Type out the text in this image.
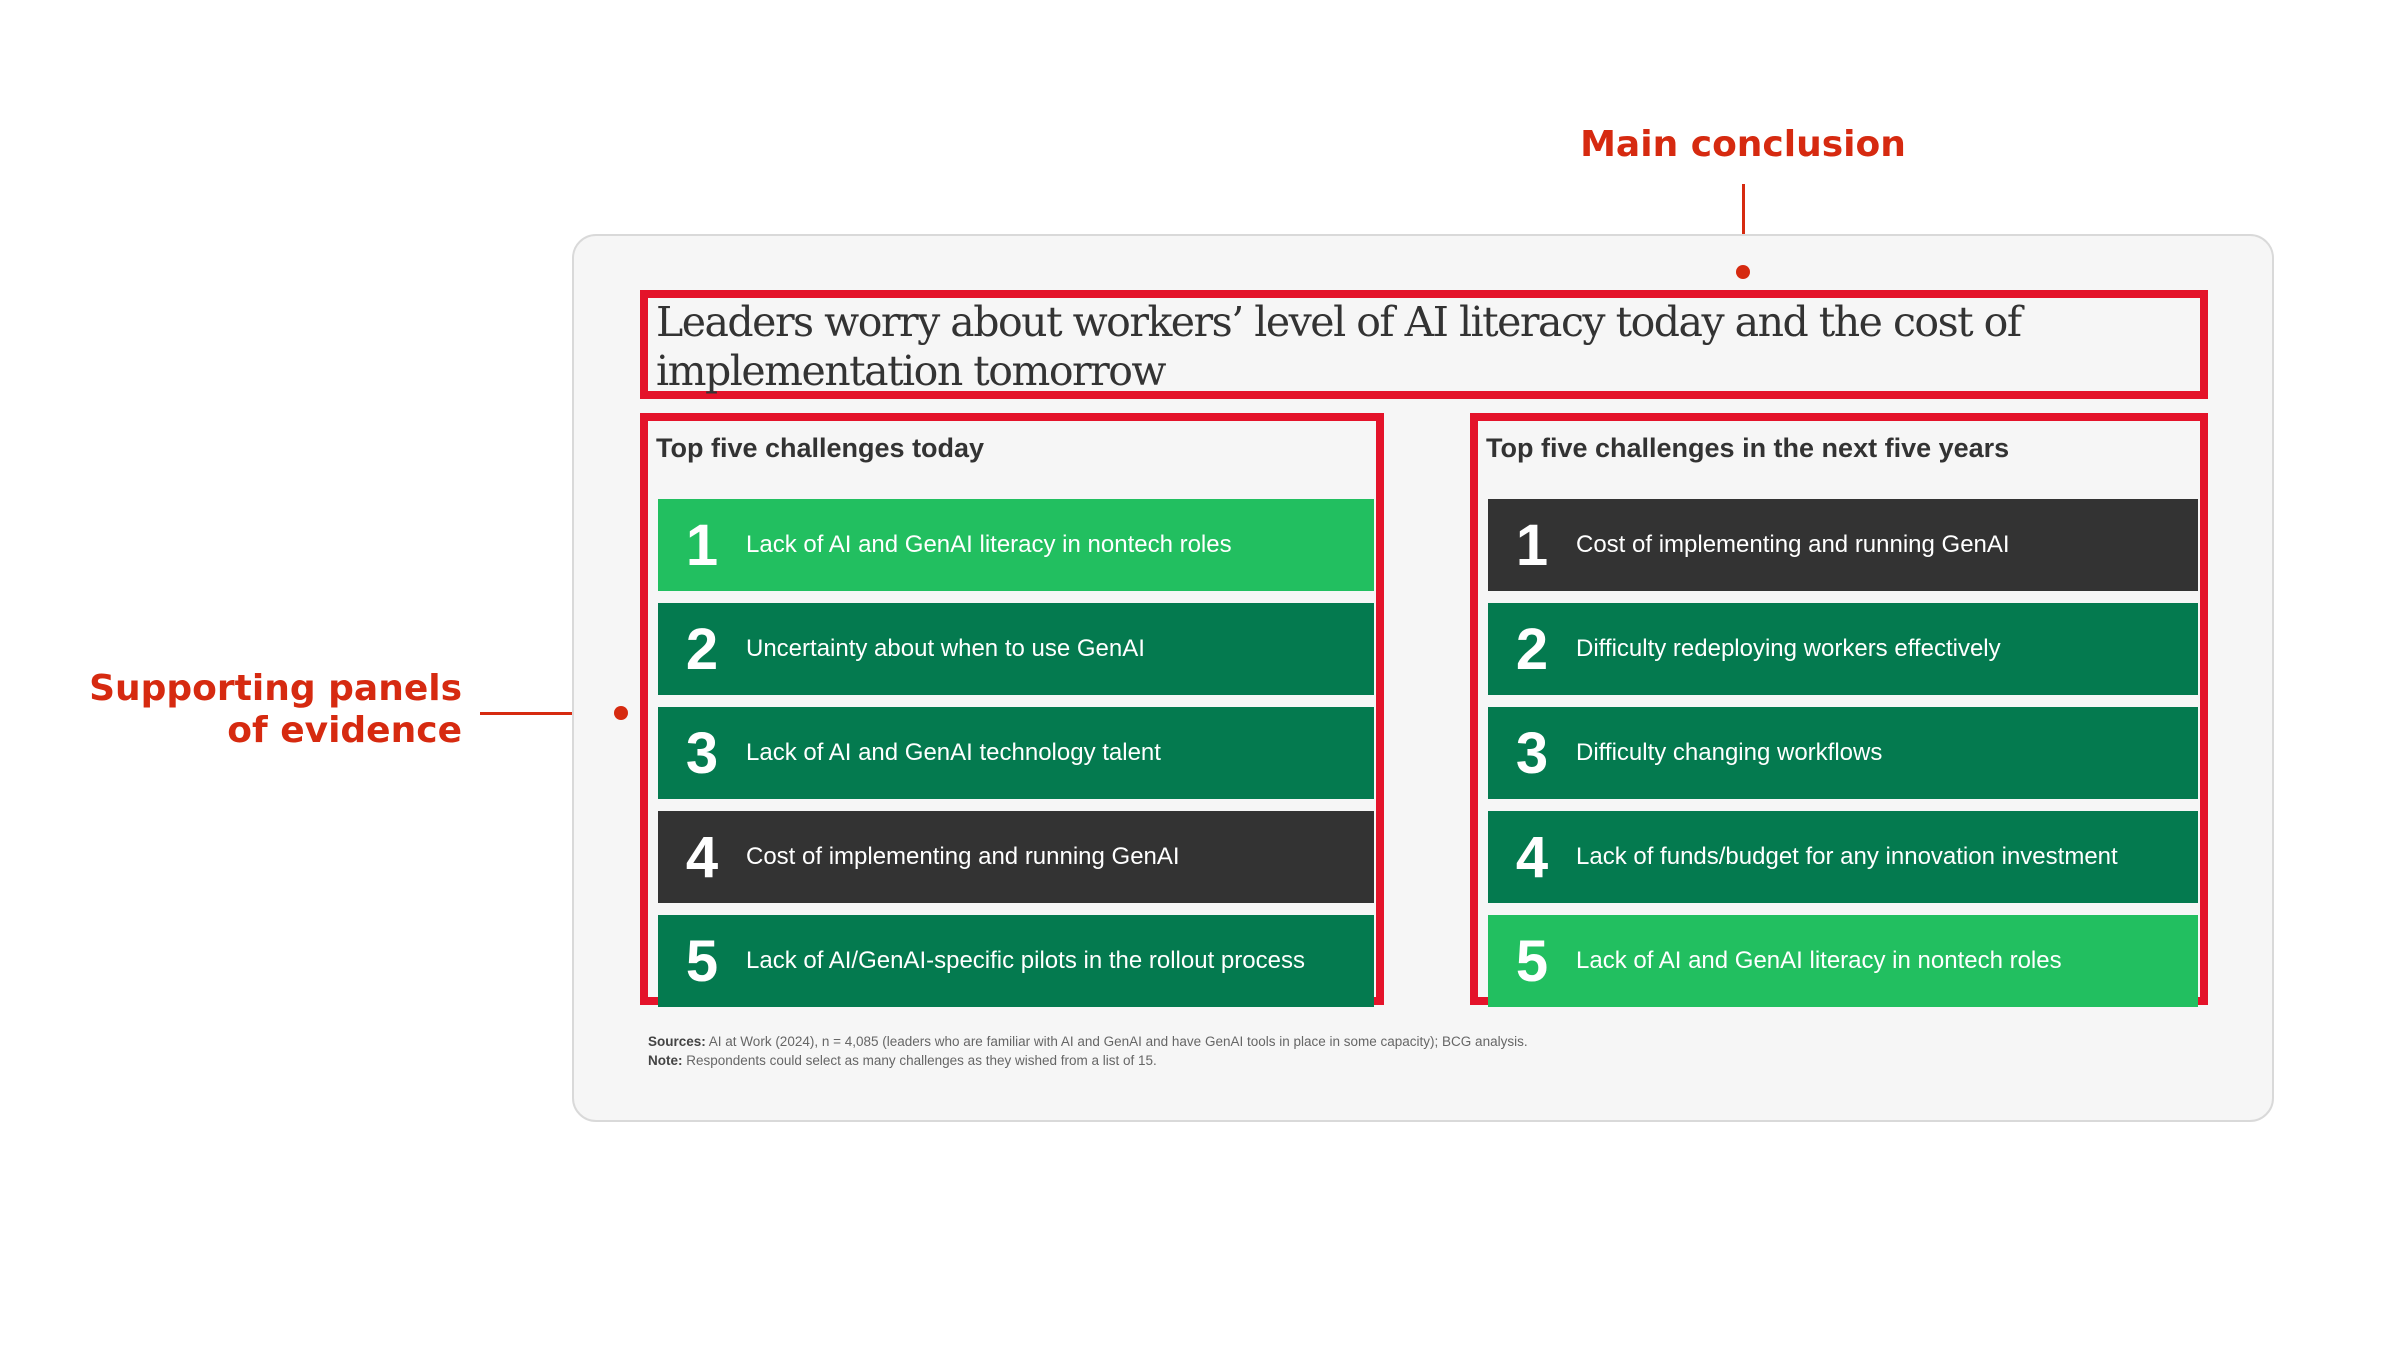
Main conclusion
Supporting panels
of evidence
Leaders worry about workers’ level of AI literacy today and the cost of implementation tomorrow
Top five challenges today
1	Lack of AI and GenAI literacy in nontech roles
2	Uncertainty about when to use GenAI
3	Lack of AI and GenAI technology talent
4	Cost of implementing and running GenAI
5	Lack of AI/GenAI-specific pilots in the rollout process
Top five challenges in the next five years
1	Cost of implementing and running GenAI
2	Difficulty redeploying workers effectively
3	Difficulty changing workflows
4	Lack of funds/budget for any innovation investment
5	Lack of AI and GenAI literacy in nontech roles
Sources: AI at Work (2024), n = 4,085 (leaders who are familiar with AI and GenAI and have GenAI tools in place in some capacity); BCG analysis.
Note: Respondents could select as many challenges as they wished from a list of 15.
